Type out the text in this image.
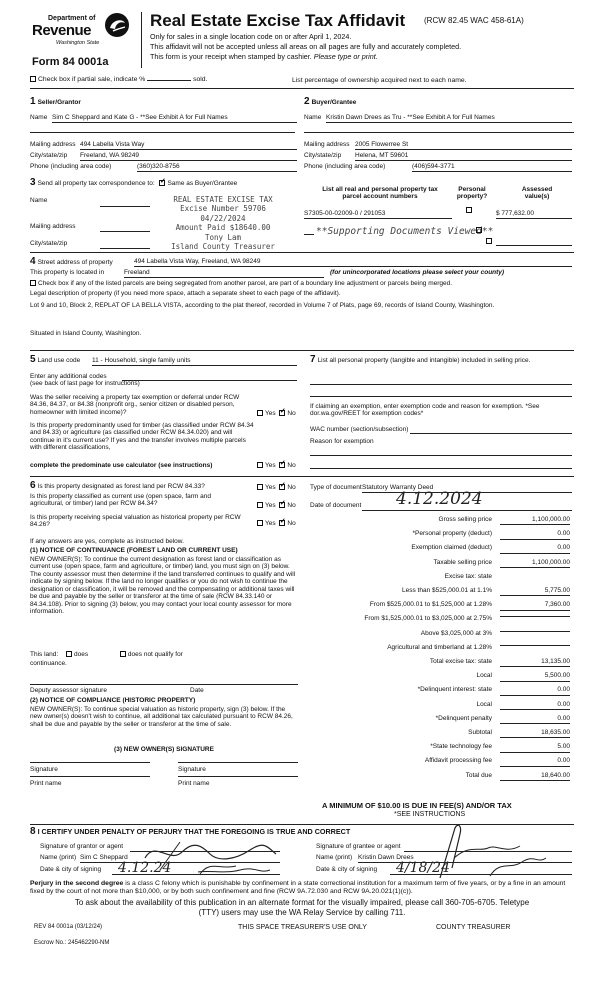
Department of
Revenue
Washington State
Form 84 0001a
Real Estate Excise Tax Affidavit (RCW 82.45 WAC 458-61A)
Only for sales in a single location code on or after April 1, 2024.
This affidavit will not be accepted unless all areas on all pages are fully and accurately completed.
This form is your receipt when stamped by cashier. Please type or print.
Check box if partial sale, indicate %	sold.	List percentage of ownership acquired next to each name.
1 Seller/Grantor
Name Sim C Sheppard and Kate G - **See Exhibit A for Full Names
Mailing address 494 Labella Vista Way
City/state/zip Freeland, WA 98249
Phone (including area code)	(360)320-8756
2 Buyer/Grantee
Name Kristin Dawn Drees as Tru - **See Exhibit A for Full Names
Mailing address 2005 Flowerree St
City/state/zip Helena, MT 59601
Phone (including area code)	(406)594-3771
3 Send all property tax correspondence to: ✓ Same as Buyer/Grantee
Name
Mailing address
City/state/zip
REAL ESTATE EXCISE TAX
Excise Number 59706
04/22/2024
Amount Paid $18640.00
Tony Lam
Island County Treasurer
List all real and personal property tax
parcel account numbers
Personal
property?
Assessed
value(s)
S7305-00-02009-0 / 291053
	$ 777,632.00
**Supporting Documents Viewed**

4 Street address of property	494 Labella Vista Way, Freeland, WA 98249
This property is located in	Freeland	(for unincorporated locations please select your county)
Check box if any of the listed parcels are being segregated from another parcel, are part of a boundary line adjustment or parcels being merged.
Legal description of property (if you need more space, attach a separate sheet to each page of the affidavit).
Lot 9 and 10, Block 2, REPLAT OF LA BELLA VISTA, according to the plat thereof, recorded in Volume 7 of Plats, page 69, records of Island County, Washington.
Situated in Island County, Washington.
5 Land use code 11 - Household, single family units
Enter any additional codes
(see back of last page for instructions)
Was the seller receiving a property tax exemption or deferral under RCW 84.36, 84.37, or 84.38 (nonprofit org., senior citizen or disabled person, homeowner with limited income)?	Yes ✓ No
Is this property predominantly used for timber (as classified under RCW 84.34 and 84.33) or agriculture (as classified under RCW 84.34.020) and will continue in it's current use? If yes and the transfer involves multiple parcels with different classifications,
complete the predominate use calculator (see instructions)	Yes ✓ No
7 List all personal property (tangible and intangible) included in selling price.
If claiming an exemption, enter exemption code and reason for exemption. *See dor.wa.gov/REET for exemption codes*
WAC number (section/subsection)
Reason for exemption
6 Is this property designated as forest land per RCW 84.33?	Yes ✓ No
Is this property classified as current use (open space, farm and agricultural, or timber) land per RCW 84.34?	Yes ✓ No
Is this property receiving special valuation as historical property per RCW 84.26?	Yes ✓ No
If any answers are yes, complete as instructed below.
(1) NOTICE OF CONTINUANCE (FOREST LAND OR CURRENT USE)
NEW OWNER(S): To continue the current designation as forest land or classification as current use (open space, farm and agriculture, or timber) land, you must sign on (3) below. The county assessor must then determine if the land transferred continues to qualify and will indicate by signing below. If the land no longer qualifies or you do not wish to continue the designation or classification, it will be removed and the compensating or additional taxes will be due and payable by the seller or transferor at the time of sale (RCW 84.33.140 or 84.34.108). Prior to signing (3) below, you may contact your local county assessor for more information.
This land: does	does not qualify for
continuance.
Deputy assessor signature	Date
(2) NOTICE OF COMPLIANCE (HISTORIC PROPERTY)
NEW OWNER(S): To continue special valuation as historic property, sign (3) below. If the new owner(s) doesn't wish to continue, all additional tax calculated pursuant to RCW 84.26, shall be due and payable by the seller or transferor at the time of sale.
(3) NEW OWNER(S) SIGNATURE
Signature	Signature
Print name	Print name
Type of document Statutory Warranty Deed
Date of document 4.12.2024
Gross selling price	1,100,000.00
*Personal property (deduct)	0.00
Exemption claimed (deduct)	0.00
Taxable selling price	1,100,000.00
Excise tax: state
Less than $525,000.01 at 1.1%	5,775.00
From $525,000.01 to $1,525,000 at 1.28%	7,360.00
From $1,525,000.01 to $3,025,000 at 2.75%
Above $3,025,000 at 3%
Agricultural and timberland at 1.28%
Total excise tax: state	13,135.00
Local	5,500.00
*Delinquent interest: state	0.00
Local	0.00
*Delinquent penalty	0.00
Subtotal	18,635.00
*State technology fee	5.00
Affidavit processing fee	0.00
Total due	18,640.00
A MINIMUM OF $10.00 IS DUE IN FEE(S) AND/OR TAX
*SEE INSTRUCTIONS
8 I CERTIFY UNDER PENALTY OF PERJURY THAT THE FOREGOING IS TRUE AND CORRECT
Signature of grantor or agent
Name (print) Sim C Sheppard
Date & city of signing 4.12.24
Signature of grantee or agent
Name (print) Kristin Dawn Drees
Date & city of signing 4/18/24
Perjury in the second degree is a class C felony which is punishable by confinement in a state correctional institution for a maximum term of five years, or by a fine in an amount fixed by the court of not more than $10,000, or by both such confinement and fine (RCW 9A.72.030 and RCW 9A.20.021(1)(c)).
To ask about the availability of this publication in an alternate format for the visually impaired, please call 360-705-6705. Teletype
(TTY) users may use the WA Relay Service by calling 711.
REV 84 0001a (03/12/24)	THIS SPACE TREASURER'S USE ONLY	COUNTY TREASURER
Escrow No.: 245462290-NM
